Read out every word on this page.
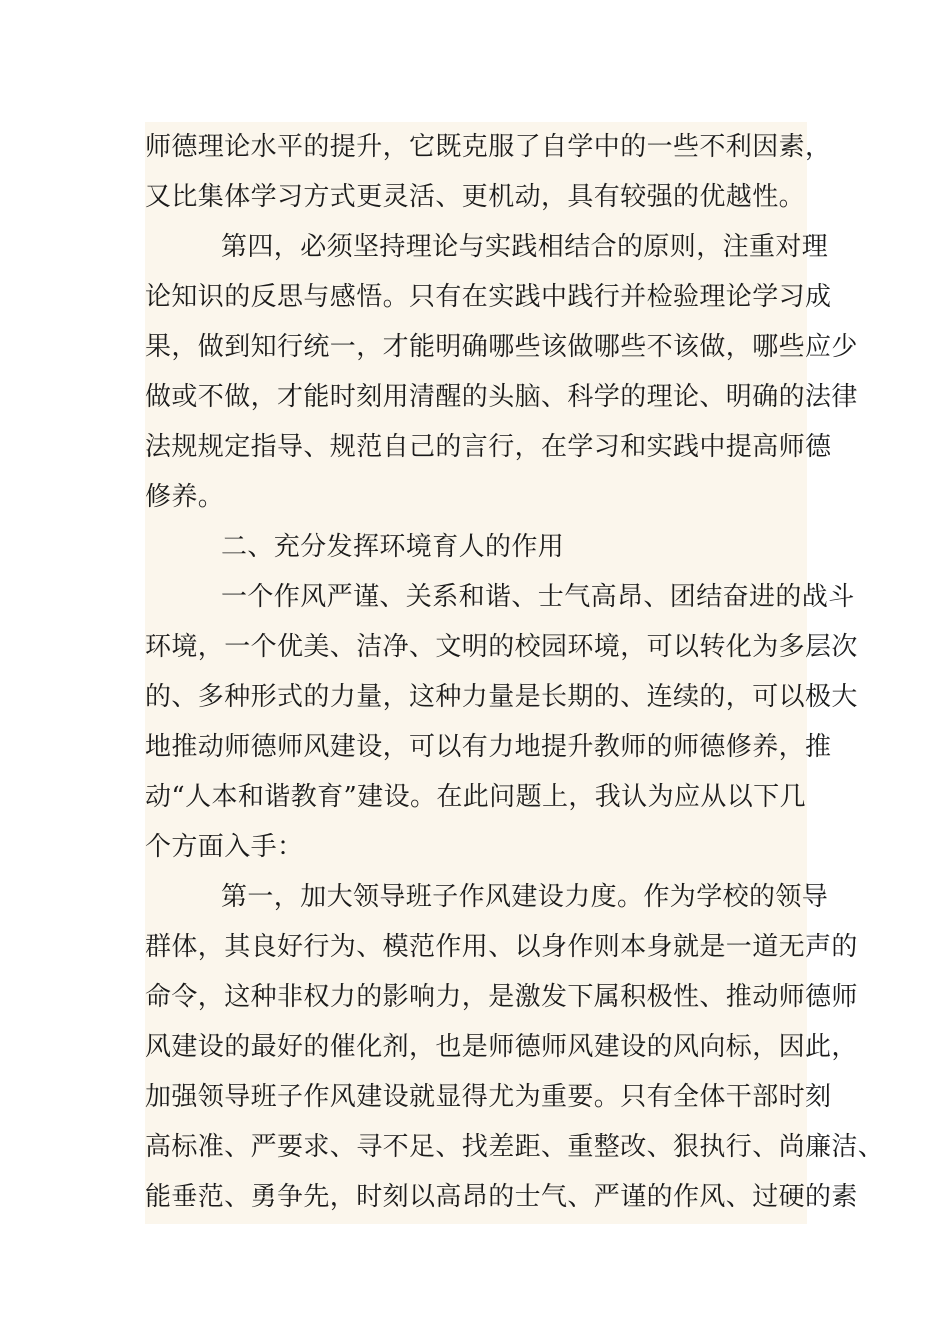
师德理论水平的提升，它既克服了自学中的一些不利因素，
又比集体学习方式更灵活、更机动，具有较强的优越性。
第四，必须坚持理论与实践相结合的原则，注重对理
论知识的反思与感悟。只有在实践中践行并检验理论学习成
果，做到知行统一，才能明确哪些该做哪些不该做，哪些应少
做或不做，才能时刻用清醒的头脑、科学的理论、明确的法律
法规规定指导、规范自己的言行，在学习和实践中提高师德
修养。
二、充分发挥环境育人的作用
一个作风严谨、关系和谐、士气高昂、团结奋进的战斗
环境，一个优美、洁净、文明的校园环境，可以转化为多层次
的、多种形式的力量，这种力量是长期的、连续的，可以极大
地推动师德师风建设，可以有力地提升教师的师德修养，推
动“人本和谐教育”建设。在此问题上，我认为应从以下几
个方面入手：
第一，加大领导班子作风建设力度。作为学校的领导
群体，其良好行为、模范作用、以身作则本身就是一道无声的
命令，这种非权力的影响力，是激发下属积极性、推动师德师
风建设的最好的催化剂，也是师德师风建设的风向标，因此，
加强领导班子作风建设就显得尤为重要。只有全体干部时刻
高标准、严要求、寻不足、找差距、重整改、狠执行、尚廉洁、
能垂范、勇争先，时刻以高昂的士气、严谨的作风、过硬的素
